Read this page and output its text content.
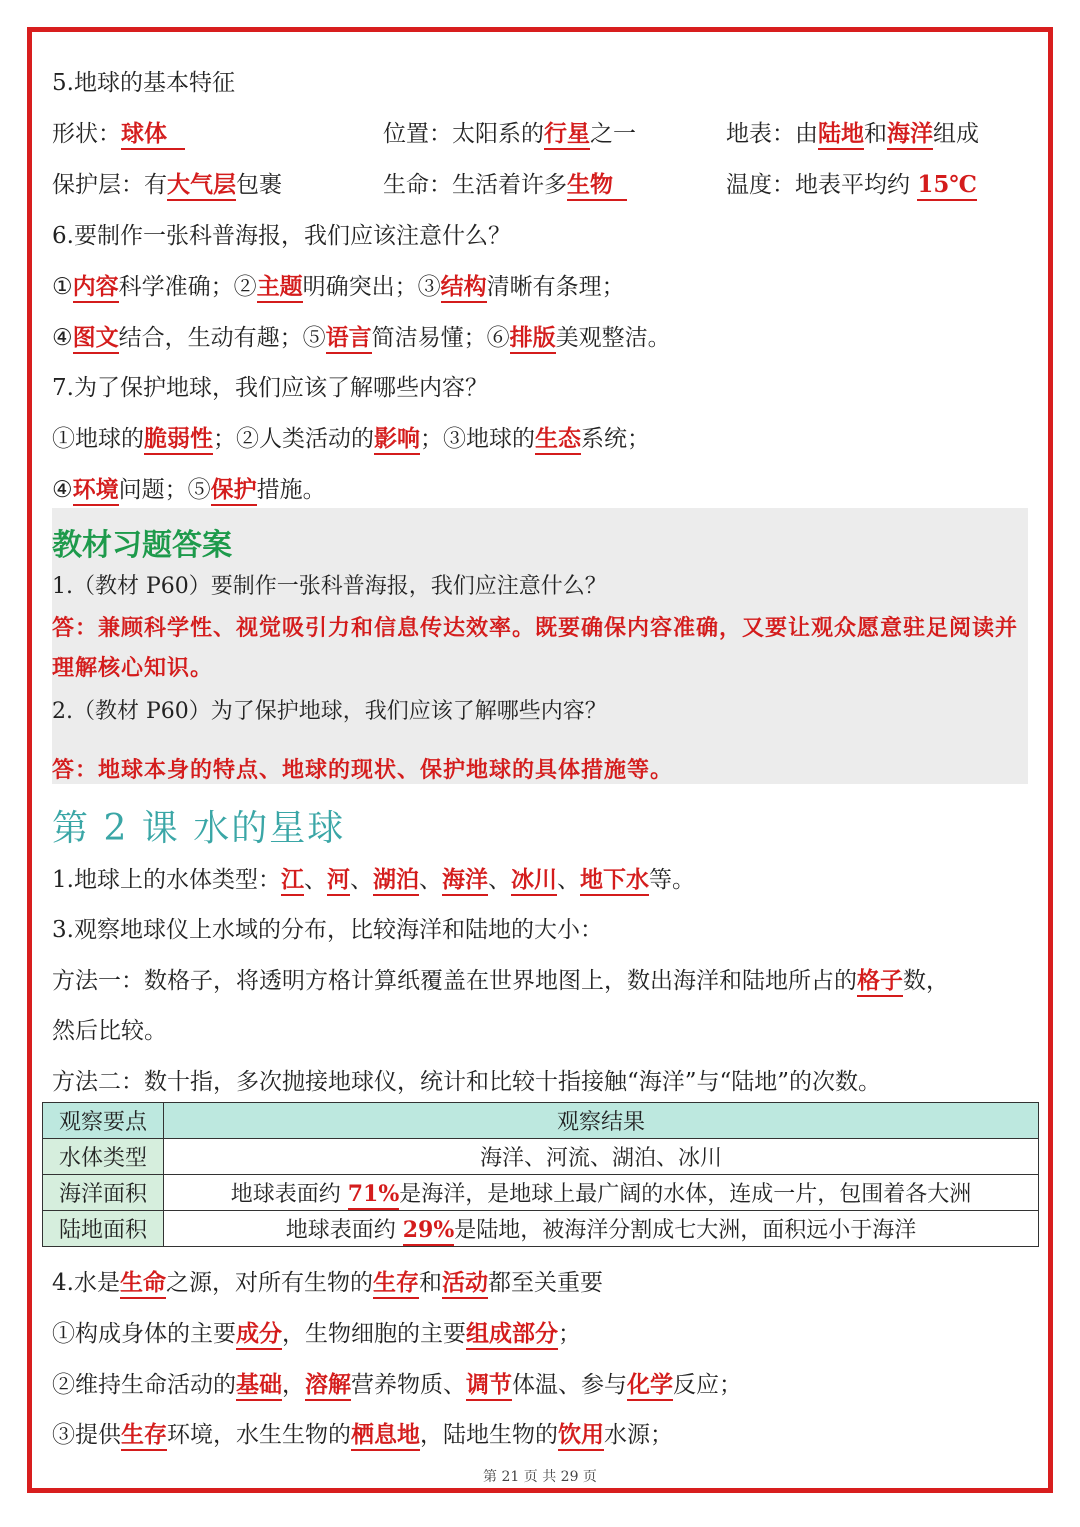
5.地球的基本特征
形状：球体	位置：太阳系的行星之一	地表：由陆地和海洋组成
保护层：有大气层包裹	生命：生活着许多生物	温度：地表平均约 15℃
6.要制作一张科普海报，我们应该注意什么？
①内容科学准确；②主题明确突出；③结构清晰有条理；
④图文结合，生动有趣；⑤语言简洁易懂；⑥排版美观整洁。
7.为了保护地球，我们应该了解哪些内容？
①地球的脆弱性；②人类活动的影响；③地球的生态系统；
④环境问题；⑤保护措施。
教材习题答案
1.（教材 P60）要制作一张科普海报，我们应注意什么？
答：兼顾科学性、视觉吸引力和信息传达效率。既要确保内容准确，又要让观众愿意驻足阅读并理解核心知识。
2.（教材 P60）为了保护地球，我们应该了解哪些内容？
答：地球本身的特点、地球的现状、保护地球的具体措施等。
第 2 课 水的星球
1.地球上的水体类型：江、河、湖泊、海洋、冰川、地下水等。
3.观察地球仪上水域的分布，比较海洋和陆地的大小：
方法一：数格子，将透明方格计算纸覆盖在世界地图上，数出海洋和陆地所占的格子数，
然后比较。
方法二：数十指，多次抛接地球仪，统计和比较十指接触“海洋”与“陆地”的次数。
观察要点	观察结果
水体类型	海洋、河流、湖泊、冰川
海洋面积	地球表面约 71%是海洋，是地球上最广阔的水体，连成一片，包围着各大洲
陆地面积	地球表面约 29%是陆地，被海洋分割成七大洲，面积远小于海洋
4.水是生命之源，对所有生物的生存和活动都至关重要
①构成身体的主要成分，生物细胞的主要组成部分；
②维持生命活动的基础，溶解营养物质、调节体温、参与化学反应；
③提供生存环境，水生生物的栖息地，陆地生物的饮用水源；
第 21 页 共 29 页
